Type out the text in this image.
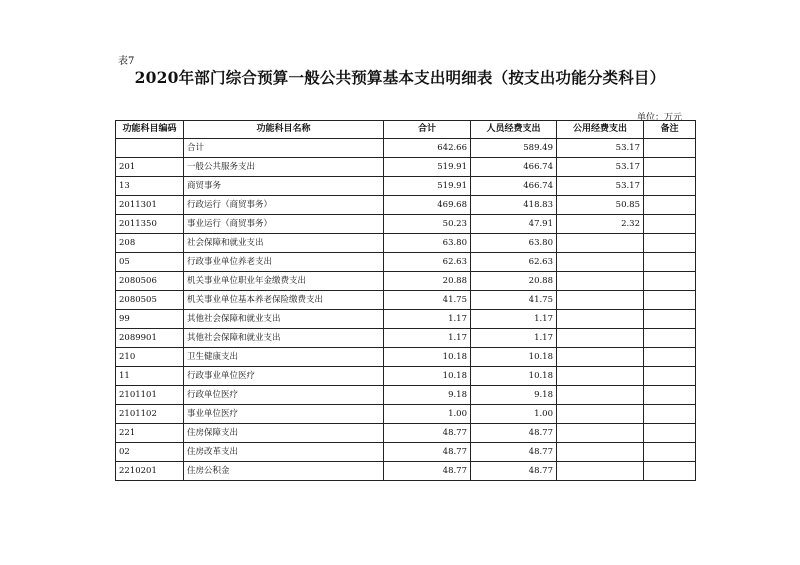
表7
2020年部门综合预算一般公共预算基本支出明细表（按支出功能分类科目）
单位：万元
功能科目编码	功能科目名称	合计	人员经费支出	公用经费支出	备注
	合计	642.66	589.49	53.17	
201	一般公共服务支出	519.91	466.74	53.17	
13	商贸事务	519.91	466.74	53.17	
2011301	行政运行（商贸事务）	469.68	418.83	50.85	
2011350	事业运行（商贸事务）	50.23	47.91	2.32	
208	社会保障和就业支出	63.80	63.80		
05	行政事业单位养老支出	62.63	62.63		
2080506	机关事业单位职业年金缴费支出	20.88	20.88		
2080505	机关事业单位基本养老保险缴费支出	41.75	41.75		
99	其他社会保障和就业支出	1.17	1.17		
2089901	其他社会保障和就业支出	1.17	1.17		
210	卫生健康支出	10.18	10.18		
11	行政事业单位医疗	10.18	10.18		
2101101	行政单位医疗	9.18	9.18		
2101102	事业单位医疗	1.00	1.00		
221	住房保障支出	48.77	48.77		
02	住房改革支出	48.77	48.77		
2210201	住房公积金	48.77	48.77		
